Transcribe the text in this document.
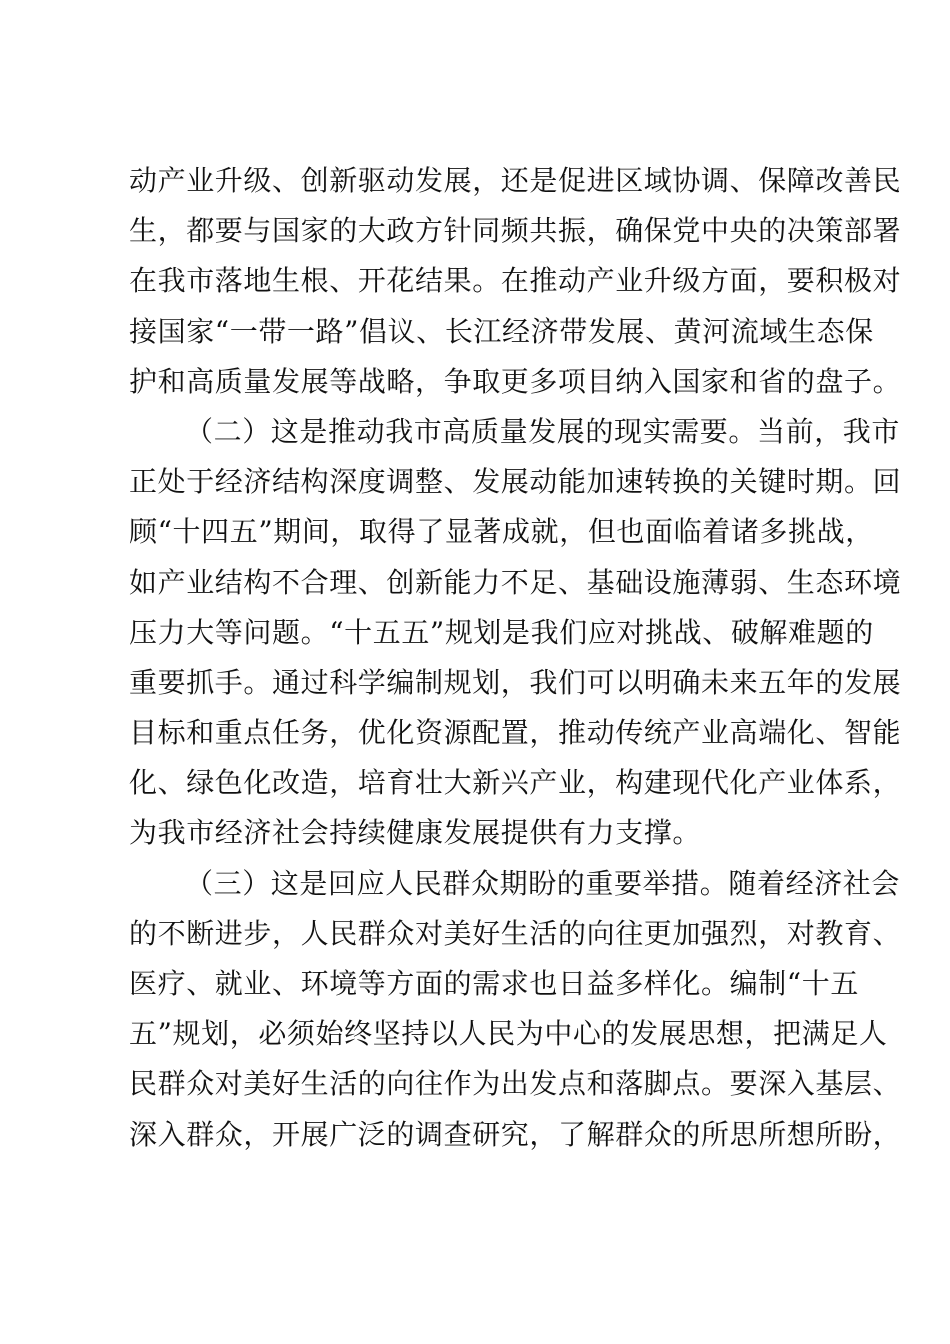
动产业升级、创新驱动发展，还是促进区域协调、保障改善民
生，都要与国家的大政方针同频共振，确保党中央的决策部署
在我市落地生根、开花结果。在推动产业升级方面，要积极对
接国家“一带一路”倡议、长江经济带发展、黄河流域生态保
护和高质量发展等战略，争取更多项目纳入国家和省的盘子。
（二）这是推动我市高质量发展的现实需要。当前，我市
正处于经济结构深度调整、发展动能加速转换的关键时期。回
顾“十四五”期间，取得了显著成就，但也面临着诸多挑战，
如产业结构不合理、创新能力不足、基础设施薄弱、生态环境
压力大等问题。“十五五”规划是我们应对挑战、破解难题的
重要抓手。通过科学编制规划，我们可以明确未来五年的发展
目标和重点任务，优化资源配置，推动传统产业高端化、智能
化、绿色化改造，培育壮大新兴产业，构建现代化产业体系，
为我市经济社会持续健康发展提供有力支撑。
（三）这是回应人民群众期盼的重要举措。随着经济社会
的不断进步，人民群众对美好生活的向往更加强烈，对教育、
医疗、就业、环境等方面的需求也日益多样化。编制“十五
五”规划，必须始终坚持以人民为中心的发展思想，把满足人
民群众对美好生活的向往作为出发点和落脚点。要深入基层、
深入群众，开展广泛的调查研究，了解群众的所思所想所盼，
